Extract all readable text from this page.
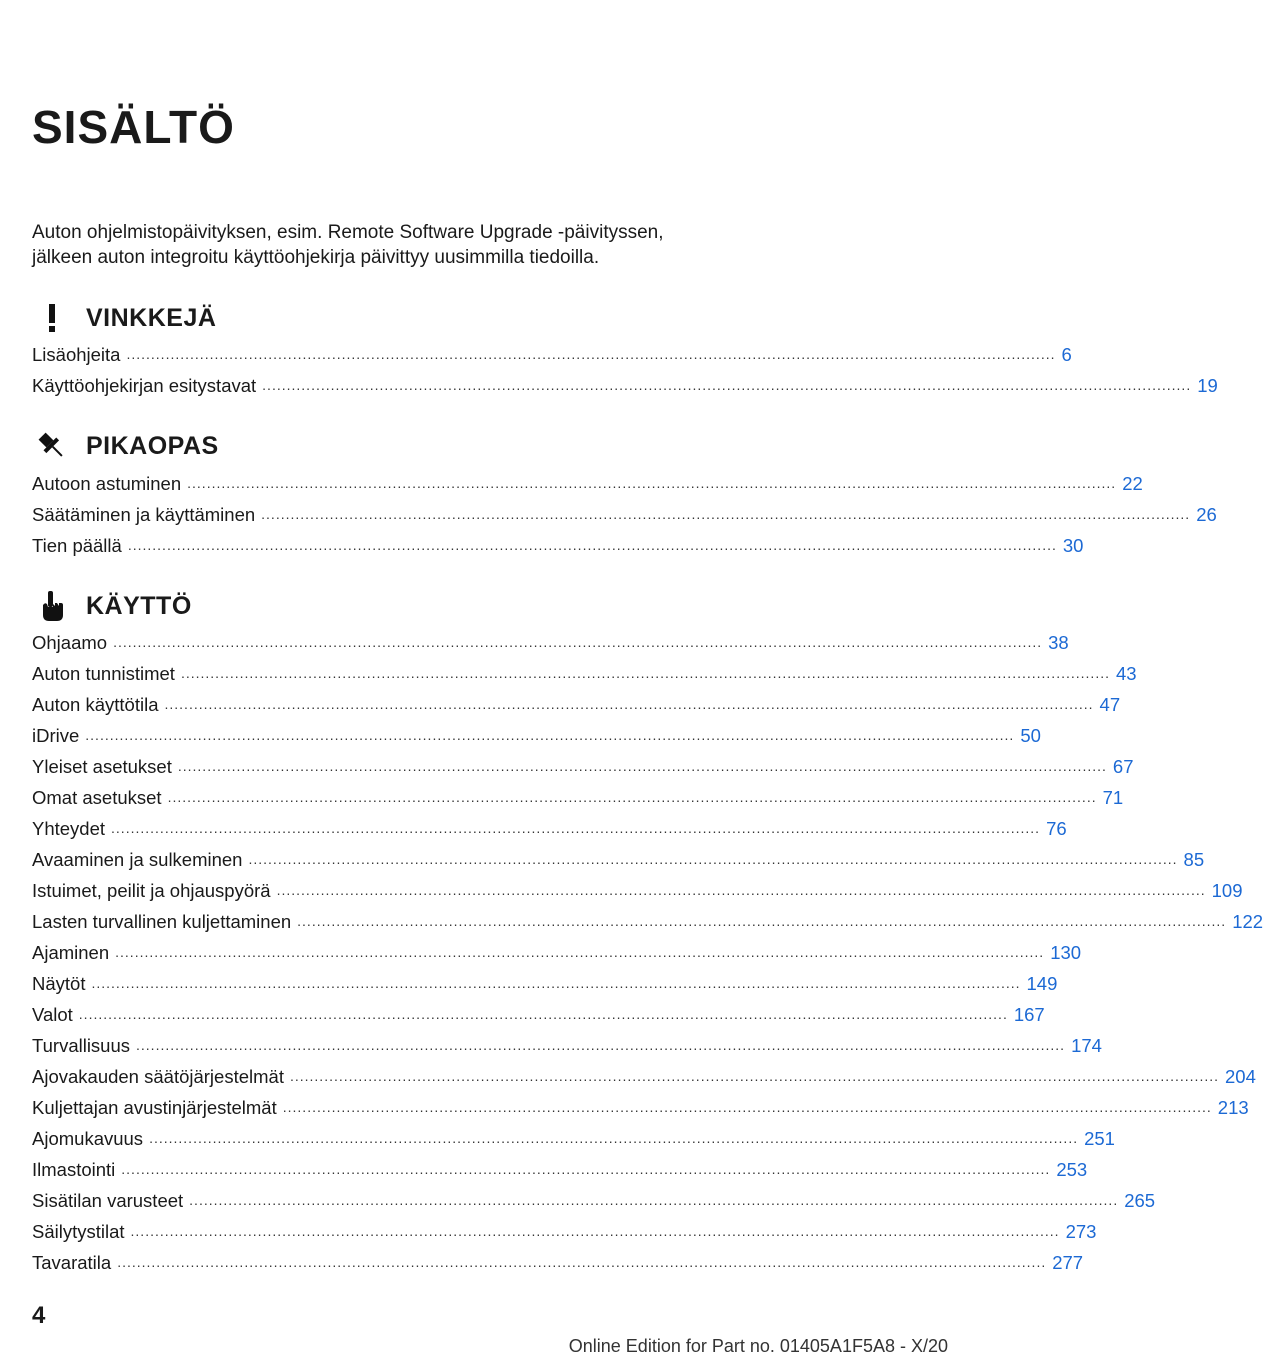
SISÄLTÖ

Auton ohjelmistopäivityksen, esim. Remote Software Upgrade -päivityssen, jälkeen auton integroitu käyttöohjekirja päivittyy uusimmilla tiedoilla.

VINKKEJÄ
Lisäohjeita .............................................................................................................................................................................................. 6
Käyttöohjekirjan esitystavat .............................................................................................................................................................................................. 19
PIKAOPAS
Autoon astuminen .............................................................................................................................................................................................. 22
Säätäminen ja käyttäminen .............................................................................................................................................................................................. 26
Tien päällä .............................................................................................................................................................................................. 30
KÄYTTÖ
Ohjaamo .............................................................................................................................................................................................. 38
Auton tunnistimet .............................................................................................................................................................................................. 43
Auton käyttötila .............................................................................................................................................................................................. 47
iDrive .............................................................................................................................................................................................. 50
Yleiset asetukset .............................................................................................................................................................................................. 67
Omat asetukset .............................................................................................................................................................................................. 71
Yhteydet .............................................................................................................................................................................................. 76
Avaaminen ja sulkeminen .............................................................................................................................................................................................. 85
Istuimet, peilit ja ohjauspyörä .............................................................................................................................................................................................. 109
Lasten turvallinen kuljettaminen .............................................................................................................................................................................................. 122
Ajaminen .............................................................................................................................................................................................. 130
Näytöt .............................................................................................................................................................................................. 149
Valot .............................................................................................................................................................................................. 167
Turvallisuus .............................................................................................................................................................................................. 174
Ajovakauden säätöjärjestelmät .............................................................................................................................................................................................. 204
Kuljettajan avustinjärjestelmät .............................................................................................................................................................................................. 213
Ajomukavuus .............................................................................................................................................................................................. 251
Ilmastointi .............................................................................................................................................................................................. 253
Sisätilan varusteet .............................................................................................................................................................................................. 265
Säilytystilat .............................................................................................................................................................................................. 273
Tavaratila .............................................................................................................................................................................................. 277
4
Online Edition for Part no. 01405A1F5A8 - X/20
